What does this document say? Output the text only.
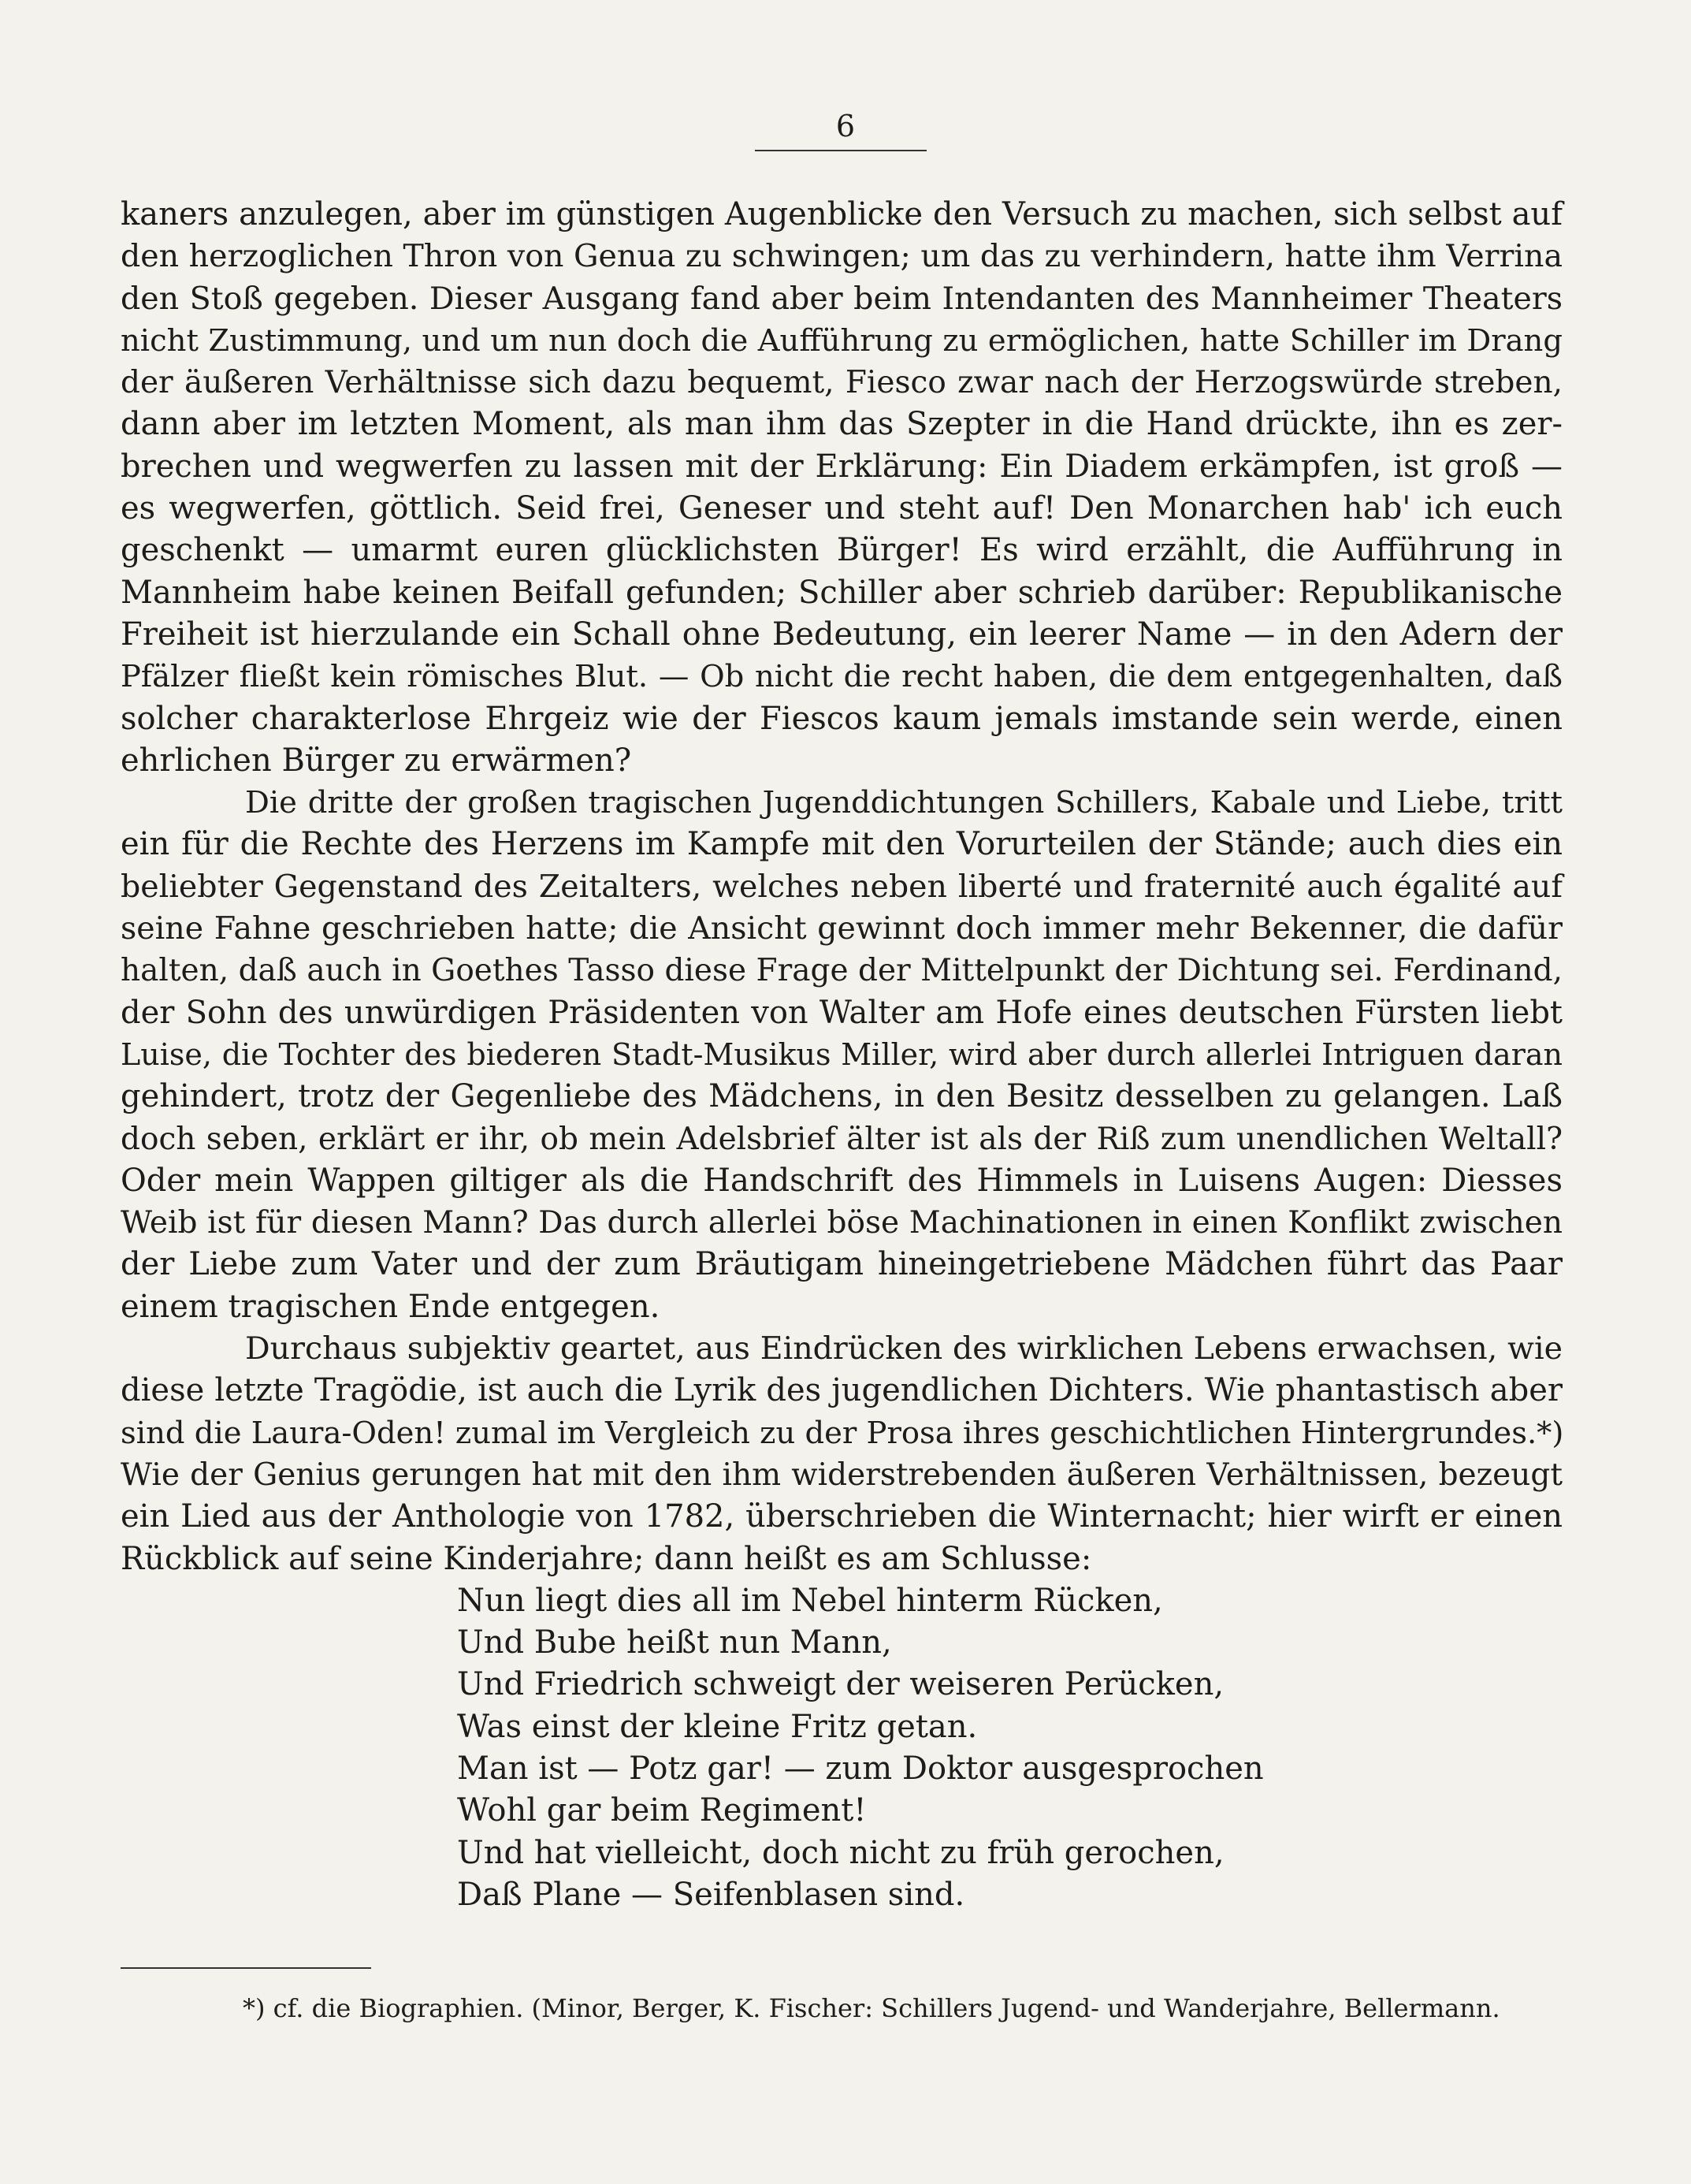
6
kaners anzulegen, aber im günstigen Augenblicke den Versuch zu machen, sich selbst auf
den herzoglichen Thron von Genua zu schwingen; um das zu verhindern, hatte ihm Verrina
den Stoß gegeben. Dieser Ausgang fand aber beim Intendanten des Mannheimer Theaters
nicht Zustimmung, und um nun doch die Aufführung zu ermöglichen, hatte Schiller im Drang
der äußeren Verhältnisse sich dazu bequemt, Fiesco zwar nach der Herzogswürde streben,
dann aber im letzten Moment, als man ihm das Szepter in die Hand drückte, ihn es zer-
brechen und wegwerfen zu lassen mit der Erklärung: Ein Diadem erkämpfen, ist groß —
es wegwerfen, göttlich. Seid frei, Geneser und steht auf! Den Monarchen hab' ich euch
geschenkt — umarmt euren glücklichsten Bürger! Es wird erzählt, die Aufführung in
Mannheim habe keinen Beifall gefunden; Schiller aber schrieb darüber: Republikanische
Freiheit ist hierzulande ein Schall ohne Bedeutung, ein leerer Name — in den Adern der
Pfälzer fließt kein römisches Blut. — Ob nicht die recht haben, die dem entgegenhalten, daß
solcher charakterlose Ehrgeiz wie der Fiescos kaum jemals imstande sein werde, einen
ehrlichen Bürger zu erwärmen?
Die dritte der großen tragischen Jugenddichtungen Schillers, Kabale und Liebe, tritt
ein für die Rechte des Herzens im Kampfe mit den Vorurteilen der Stände; auch dies ein
beliebter Gegenstand des Zeitalters, welches neben liberté und fraternité auch égalité auf
seine Fahne geschrieben hatte; die Ansicht gewinnt doch immer mehr Bekenner, die dafür
halten, daß auch in Goethes Tasso diese Frage der Mittelpunkt der Dichtung sei. Ferdinand,
der Sohn des unwürdigen Präsidenten von Walter am Hofe eines deutschen Fürsten liebt
Luise, die Tochter des biederen Stadt-Musikus Miller, wird aber durch allerlei Intriguen daran
gehindert, trotz der Gegenliebe des Mädchens, in den Besitz desselben zu gelangen. Laß
doch seben, erklärt er ihr, ob mein Adelsbrief älter ist als der Riß zum unendlichen Weltall?
Oder mein Wappen giltiger als die Handschrift des Himmels in Luisens Augen: Diesses
Weib ist für diesen Mann? Das durch allerlei böse Machinationen in einen Konflikt zwischen
der Liebe zum Vater und der zum Bräutigam hineingetriebene Mädchen führt das Paar
einem tragischen Ende entgegen.
Durchaus subjektiv geartet, aus Eindrücken des wirklichen Lebens erwachsen, wie
diese letzte Tragödie, ist auch die Lyrik des jugendlichen Dichters. Wie phantastisch aber
sind die Laura-Oden! zumal im Vergleich zu der Prosa ihres geschichtlichen Hintergrundes.*)
Wie der Genius gerungen hat mit den ihm widerstrebenden äußeren Verhältnissen, bezeugt
ein Lied aus der Anthologie von 1782, überschrieben die Winternacht; hier wirft er einen
Rückblick auf seine Kinderjahre; dann heißt es am Schlusse:
Nun liegt dies all im Nebel hinterm Rücken,
Und Bube heißt nun Mann,
Und Friedrich schweigt der weiseren Perücken,
Was einst der kleine Fritz getan.
Man ist — Potz gar! — zum Doktor ausgesprochen
Wohl gar beim Regiment!
Und hat vielleicht, doch nicht zu früh gerochen,
Daß Plane — Seifenblasen sind.
*) cf. die Biographien. (Minor, Berger, K. Fischer: Schillers Jugend- und Wanderjahre, Bellermann.
